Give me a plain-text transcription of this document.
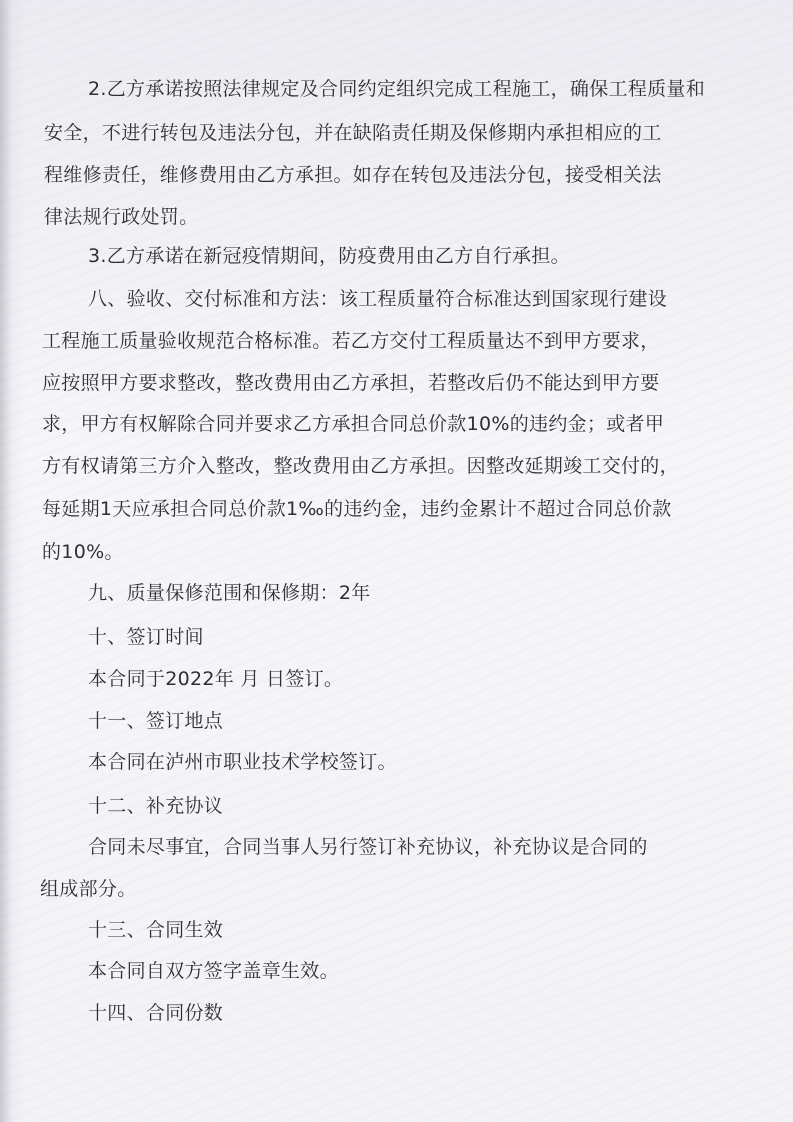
2.乙方承诺按照法律规定及合同约定组织完成工程施工，确保工程质量和
安全，不进行转包及违法分包，并在缺陷责任期及保修期内承担相应的工
程维修责任，维修费用由乙方承担。如存在转包及违法分包，接受相关法
律法规行政处罚。
3.乙方承诺在新冠疫情期间，防疫费用由乙方自行承担。
八、验收、交付标准和方法：该工程质量符合标准达到国家现行建设
工程施工质量验收规范合格标准。若乙方交付工程质量达不到甲方要求，
应按照甲方要求整改，整改费用由乙方承担，若整改后仍不能达到甲方要
求，甲方有权解除合同并要求乙方承担合同总价款10%的违约金；或者甲
方有权请第三方介入整改，整改费用由乙方承担。因整改延期竣工交付的，
每延期1天应承担合同总价款1‰的违约金，违约金累计不超过合同总价款
的10%。
九、质量保修范围和保修期：2年
十、签订时间
本合同于2022年 月 日签订。
十一、签订地点
本合同在泸州市职业技术学校签订。
十二、补充协议
合同未尽事宜，合同当事人另行签订补充协议，补充协议是合同的
组成部分。
十三、合同生效
本合同自双方签字盖章生效。
十四、合同份数
